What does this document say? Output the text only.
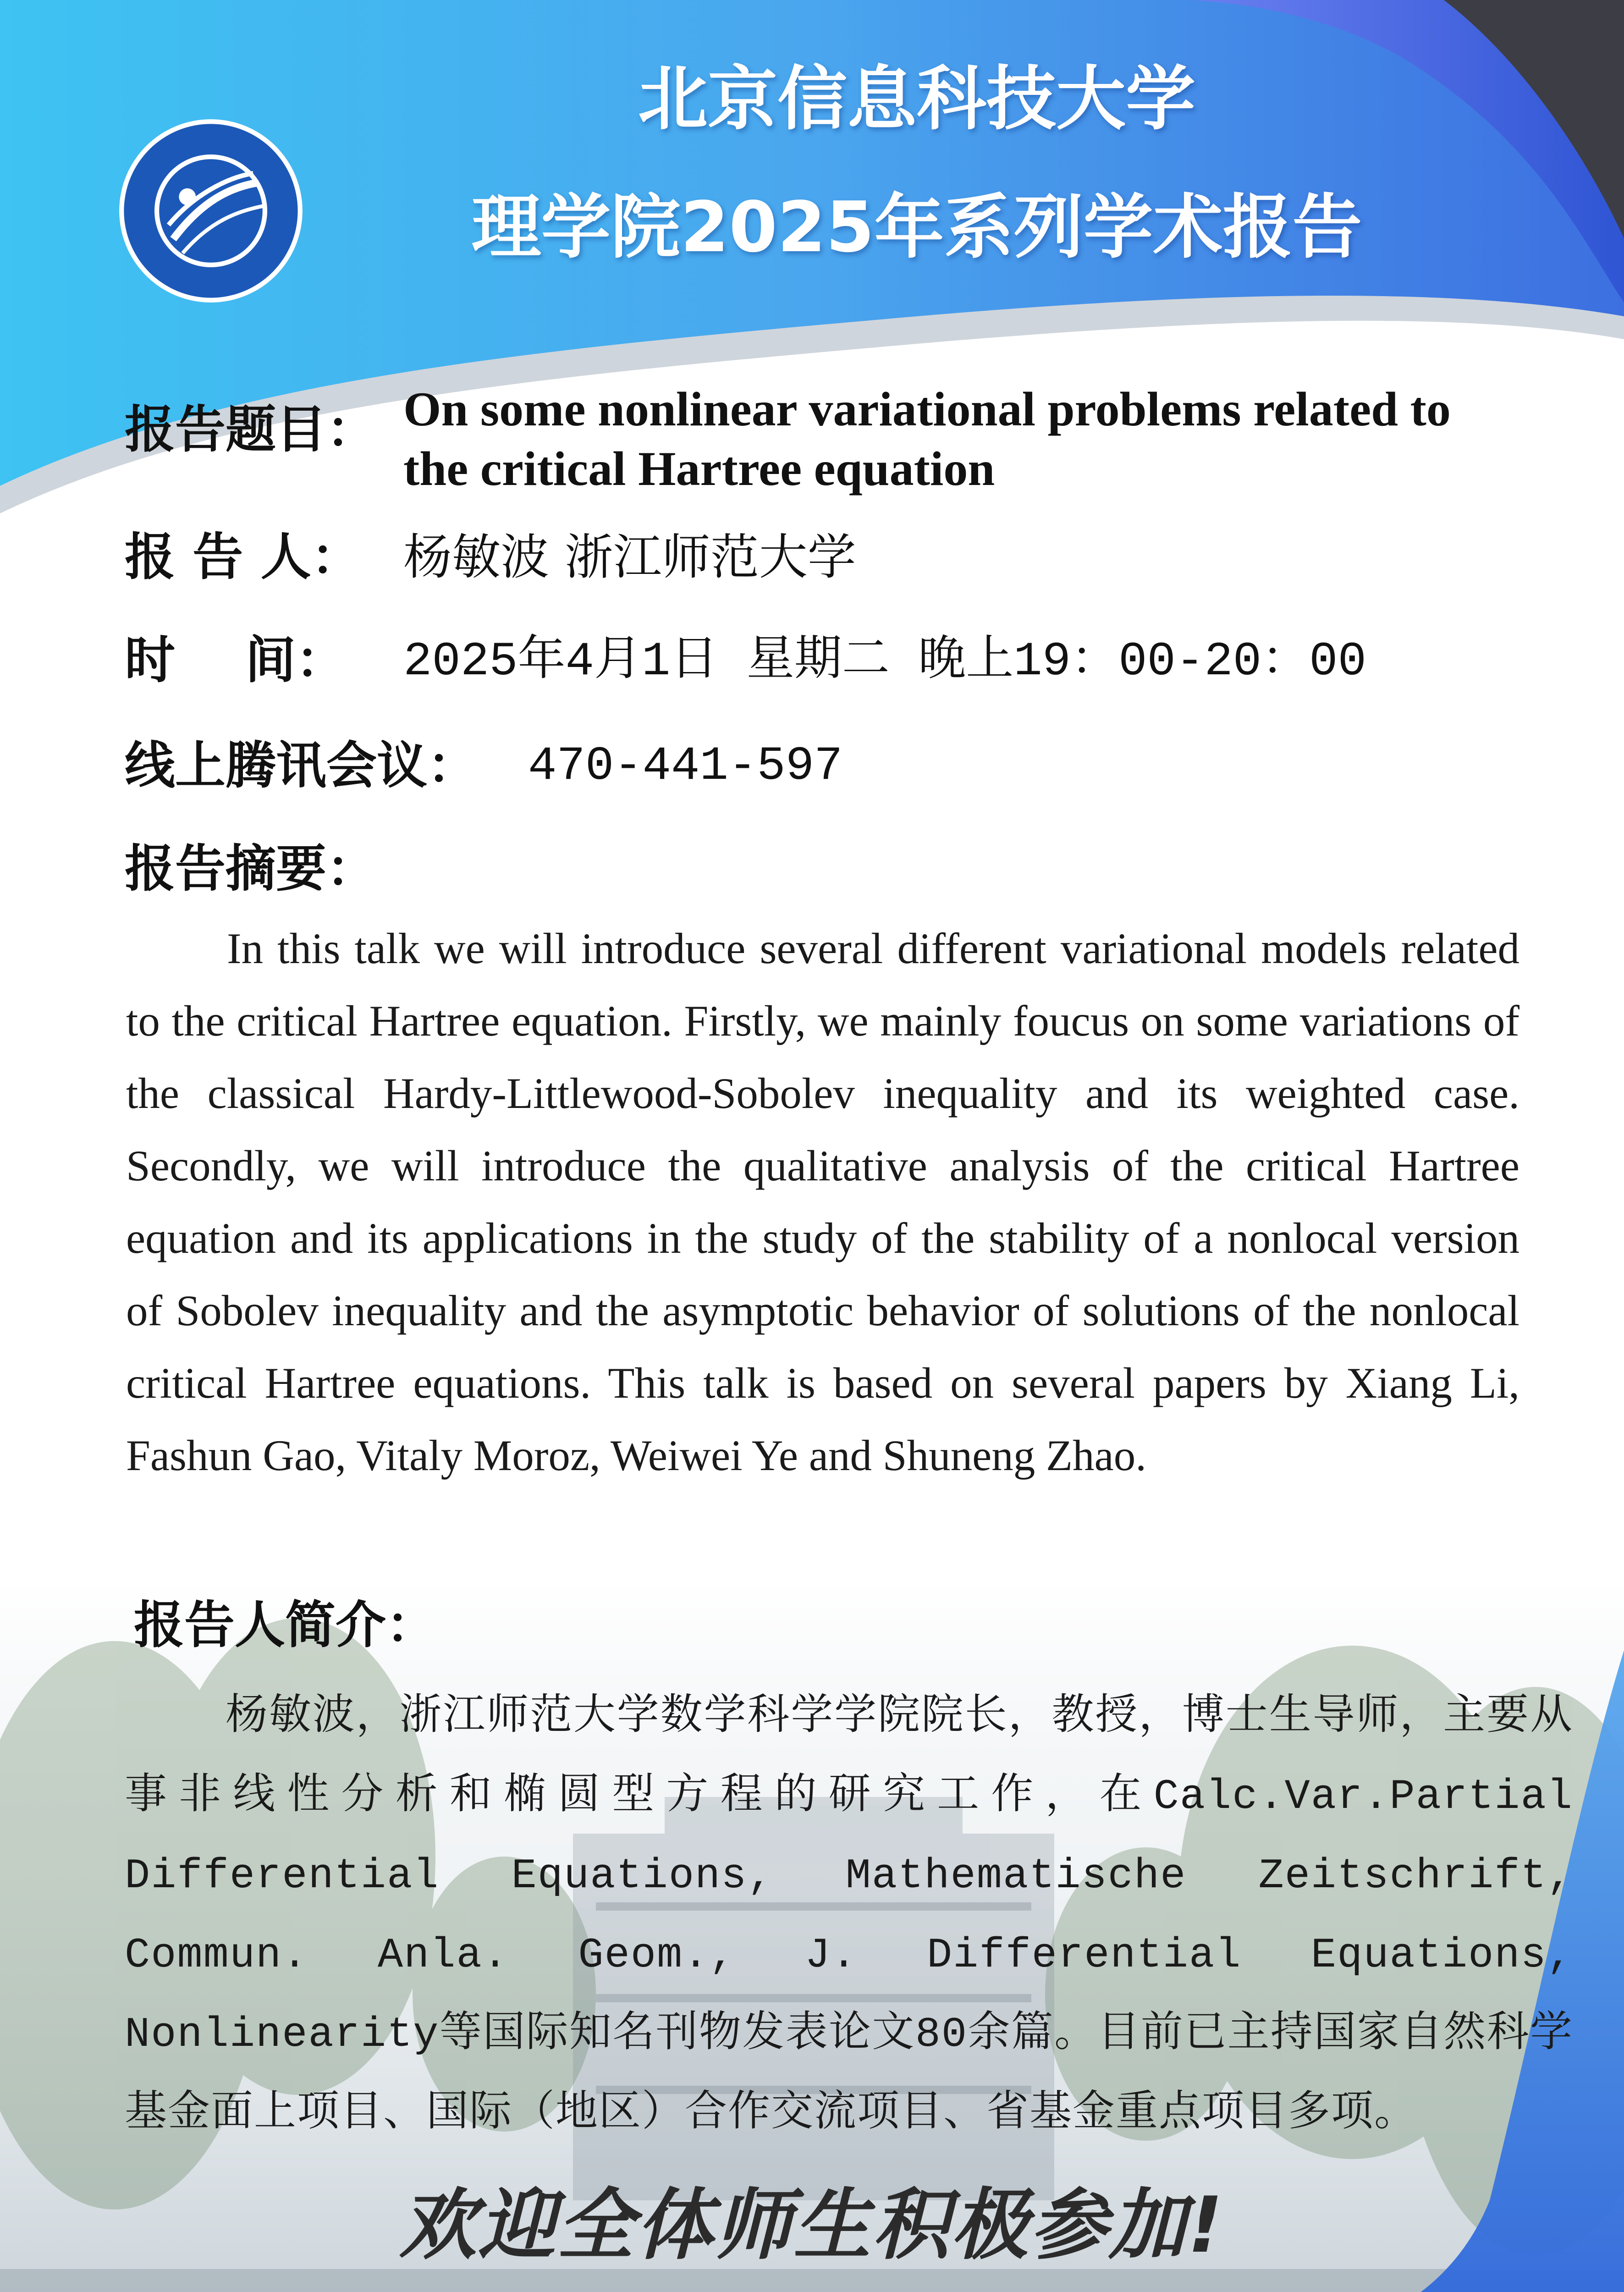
北京信息科技大学
理学院2025年系列学术报告
报告题目： On some nonlinear variational problems related to
the critical Hartree equation
报 告 人： 杨敏波 浙江师范大学
时    间： 2025年4月1日 星期二 晚上19：00-20：00
线上腾讯会议： 470-441-597
报告摘要：
In this talk we will introduce several different variational models related to the critical Hartree equation. Firstly, we mainly foucus on some variations of the classical Hardy-Littlewood-Sobolev inequality and its weighted case. Secondly, we will introduce the qualitative analysis of the critical Hartree equation and its applications in the study of the stability of a nonlocal version of Sobolev inequality and the asymptotic behavior of solutions of the nonlocal critical Hartree equations. This talk is based on several papers by Xiang Li, Fashun Gao, Vitaly Moroz, Weiwei Ye and Shuneng Zhao.
报告人简介：
杨敏波，浙江师范大学数学科学学院院长，教授，博士生导师，主要从事非线性分析和椭圆型方程的研究工作，在Calc.Var.Partial Differential Equations, Mathematische Zeitschrift, Commun. Anla. Geom., J. Differential Equations, Nonlinearity等国际知名刊物发表论文80余篇。目前已主持国家自然科学基金面上项目、国际（地区）合作交流项目、省基金重点项目多项。
欢迎全体师生积极参加!
